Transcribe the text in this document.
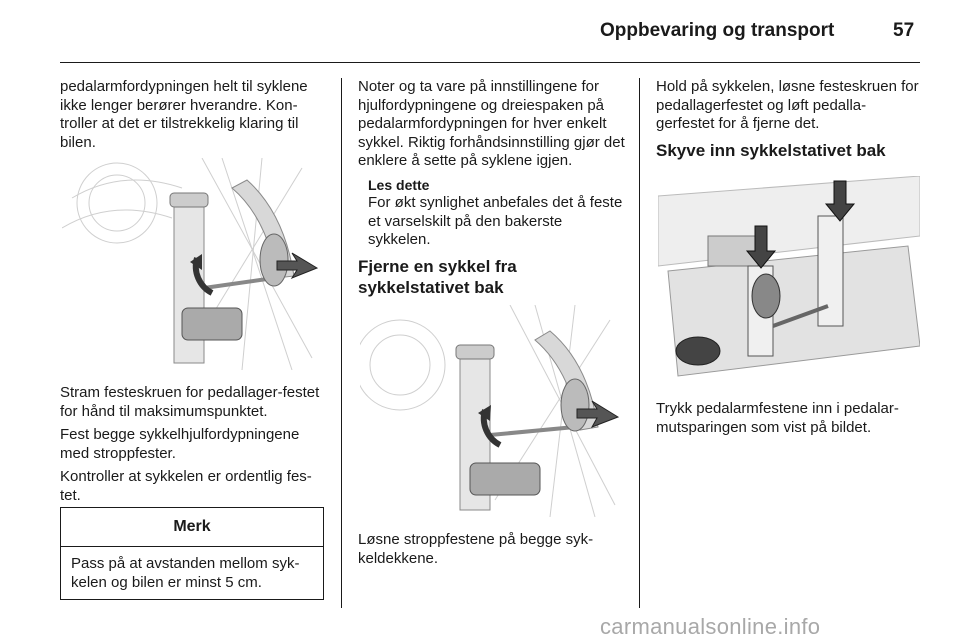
Oppbevaring og transport	57

pedalarmfordypningen helt til syklene ikke lenger berører hverandre. Kon-troller at det er tilstrekkelig klaring til bilen.

Stram festeskruen for pedallager-festet for hånd til maksimumspunktet.

Fest begge sykkelhjulfordypningene med stroppfester.

Kontroller at sykkelen er ordentlig fes-tet.

Merk
Pass på at avstanden mellom syk-kelen og bilen er minst 5 cm.

Noter og ta vare på innstillingene for hjulfordypningene og dreiespaken på pedalarmfordypningen for hver enkelt sykkel. Riktig forhåndsinnstilling gjør det enklere å sette på syklene igjen.

Les dette

For økt synlighet anbefales det å feste et varselskilt på den bakerste sykkelen.

Fjerne en sykkel fra sykkelstativet bak

Løsne stroppfestene på begge syk-keldekkene.

Hold på sykkelen, løsne festeskruen for pedallagerfestet og løft pedalla-gerfestet for å fjerne det.

Skyve inn sykkelstativet bak

Trykk pedalarmfestene inn i pedalar-mutsparingen som vist på bildet.

carmanualsonline.info
